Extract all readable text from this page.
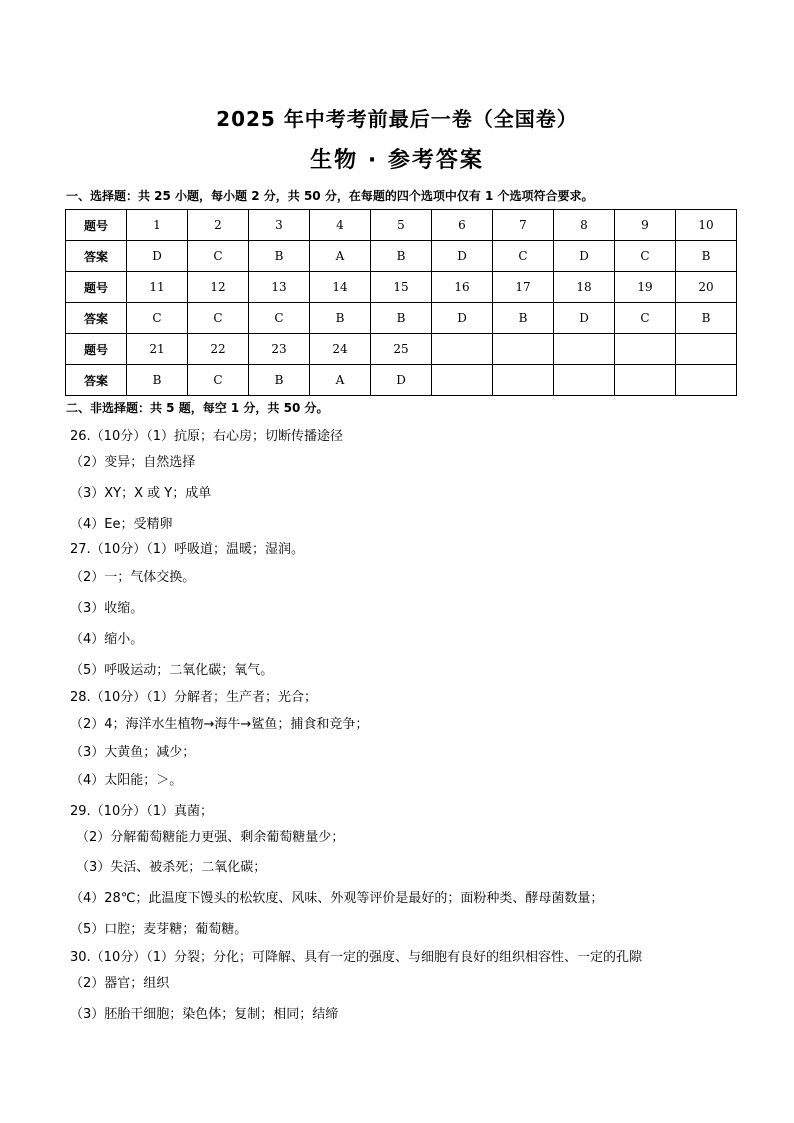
2025 年中考考前最后一卷（全国卷）
生物 · 参考答案
一、选择题：共 25 小题，每小题 2 分，共 50 分，在每题的四个选项中仅有 1 个选项符合要求。
题号	1	2	3	4	5	6	7	8	9	10
答案	D	C	B	A	B	D	C	D	C	B
题号	11	12	13	14	15	16	17	18	19	20
答案	C	C	C	B	B	D	B	D	C	B
题号	21	22	23	24	25					
答案	B	C	B	A	D					
二、非选择题：共 5 题，每空 1 分，共 50 分。
26.（10分）（1）抗原；右心房；切断传播途径
（2）变异；自然选择
（3）XY；X 或 Y；成单
（4）Ee；受精卵
27.（10分）（1）呼吸道；温暖；湿润。
（2）一；气体交换。
（3）收缩。
（4）缩小。
（5）呼吸运动；二氧化碳；氧气。
28.（10分）（1）分解者；生产者；光合；
（2）4；海洋水生植物→海牛→鲨鱼；捕食和竞争；
（3）大黄鱼；减少；
（4）太阳能；＞。
29.（10分）（1）真菌；
（2）分解葡萄糖能力更强、剩余葡萄糖量少；
（3）失活、被杀死；二氧化碳；
（4）28℃；此温度下馒头的松软度、风味、外观等评价是最好的；面粉种类、酵母菌数量；
（5）口腔；麦芽糖；葡萄糖。
30.（10分）（1）分裂；分化；可降解、具有一定的强度、与细胞有良好的组织相容性、一定的孔隙
（2）器官；组织
（3）胚胎干细胞；染色体；复制；相同；结缔
